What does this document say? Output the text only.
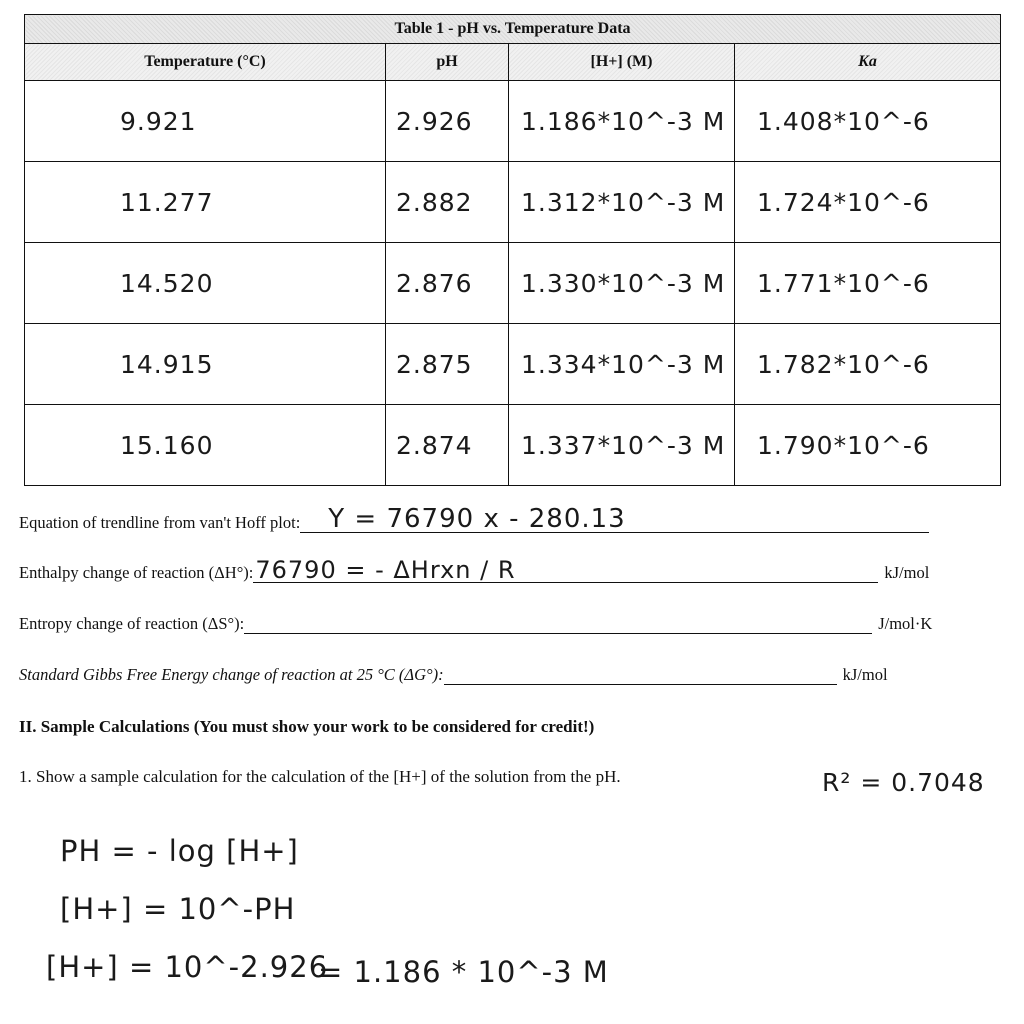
Table 1 - pH vs. Temperature Data			
Temperature (°C)	pH	[H+] (M)	Ka
9.921	2.926	1.186*10^-3 M	1.408*10^-6
11.277	2.882	1.312*10^-3 M	1.724*10^-6
14.520	2.876	1.330*10^-3 M	1.771*10^-6
14.915	2.875	1.334*10^-3 M	1.782*10^-6
15.160	2.874	1.337*10^-3 M	1.790*10^-6
Equation of trendline from van't Hoff plot: Y = 76790 x - 280.13
Enthalpy change of reaction (ΔH°): 76790 = - ΔHrxn / R	kJ/mol
Entropy change of reaction (ΔS°):	J/mol·K
Standard Gibbs Free Energy change of reaction at 25 °C (ΔG°):	kJ/mol
II. Sample Calculations (You must show your work to be considered for credit!)
1. Show a sample calculation for the calculation of the [H+] of the solution from the pH.	R² = 0.7048
PH = - log [H+]
[H+] = 10^-PH
[H+] = 10^-2.926
= 1.186 * 10^-3 M
